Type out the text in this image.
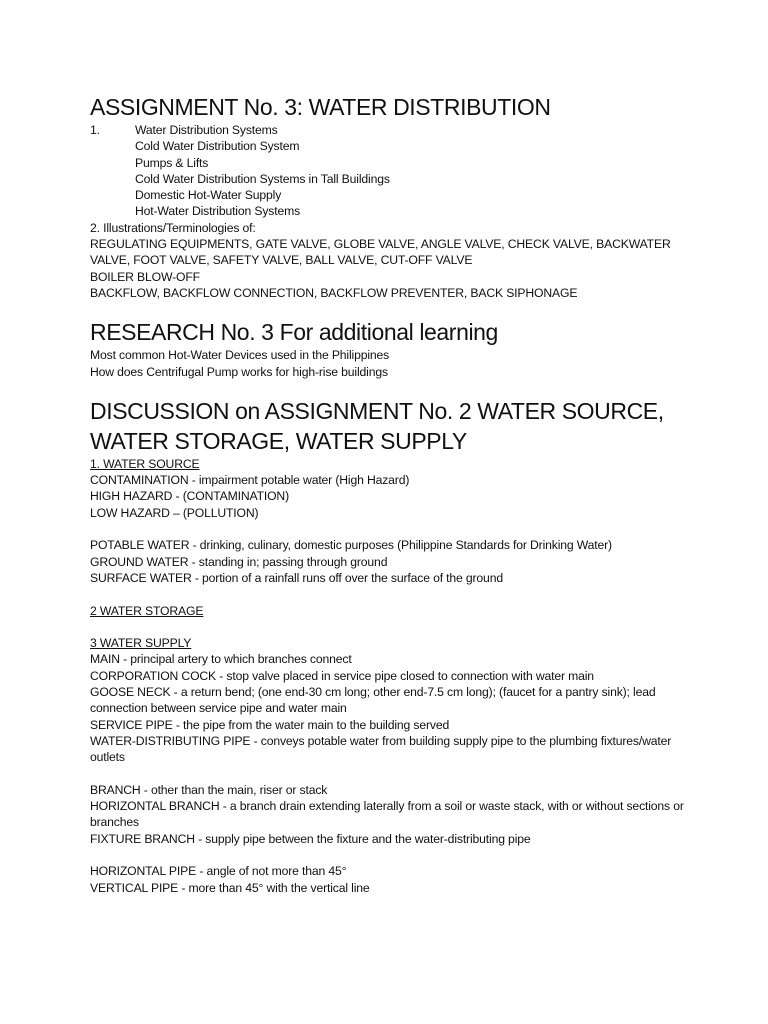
ASSIGNMENT No. 3: WATER DISTRIBUTION
1.	Water Distribution Systems
Cold Water Distribution System
Pumps & Lifts
Cold Water Distribution Systems in Tall Buildings
Domestic Hot-Water Supply
Hot-Water Distribution Systems
2. Illustrations/Terminologies of:
REGULATING EQUIPMENTS, GATE VALVE, GLOBE VALVE, ANGLE VALVE, CHECK VALVE, BACKWATER
VALVE, FOOT VALVE, SAFETY VALVE, BALL VALVE, CUT-OFF VALVE
BOILER BLOW-OFF
BACKFLOW, BACKFLOW CONNECTION, BACKFLOW PREVENTER, BACK SIPHONAGE
RESEARCH No. 3 For additional learning
Most common Hot-Water Devices used in the Philippines
How does Centrifugal Pump works for high-rise buildings
DISCUSSION on ASSIGNMENT No. 2 WATER SOURCE,
WATER STORAGE, WATER SUPPLY
1. WATER SOURCE
CONTAMINATION - impairment potable water (High Hazard)
HIGH HAZARD - (CONTAMINATION)
LOW HAZARD – (POLLUTION)
POTABLE WATER - drinking, culinary, domestic purposes (Philippine Standards for Drinking Water)
GROUND WATER - standing in; passing through ground
SURFACE WATER - portion of a rainfall runs off over the surface of the ground
2 WATER STORAGE
3 WATER SUPPLY
MAIN - principal artery to which branches connect
CORPORATION COCK - stop valve placed in service pipe closed to connection with water main
GOOSE NECK - a return bend; (one end-30 cm long; other end-7.5 cm long); (faucet for a pantry sink); lead
connection between service pipe and water main
SERVICE PIPE - the pipe from the water main to the building served
WATER-DISTRIBUTING PIPE - conveys potable water from building supply pipe to the plumbing fixtures/water
outlets
BRANCH - other than the main, riser or stack
HORIZONTAL BRANCH - a branch drain extending laterally from a soil or waste stack, with or without sections or
branches
FIXTURE BRANCH - supply pipe between the fixture and the water-distributing pipe
HORIZONTAL PIPE - angle of not more than 45°
VERTICAL PIPE - more than 45° with the vertical line
